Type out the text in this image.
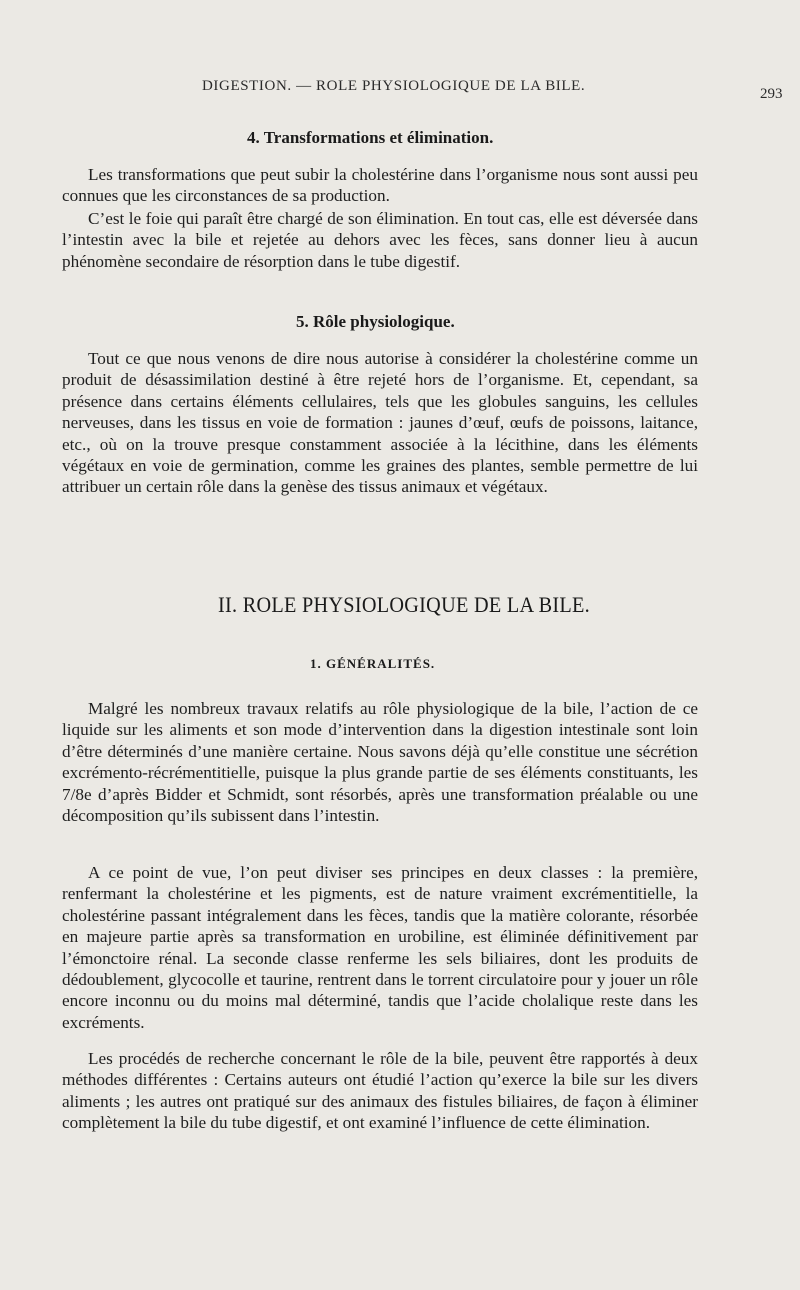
DIGESTION. — ROLE PHYSIOLOGIQUE DE LA BILE.	293
4. Transformations et élimination.
Les transformations que peut subir la cholestérine dans l’organisme nous sont aussi peu connues que les circonstances de sa production.
C’est le foie qui paraît être chargé de son élimination. En tout cas, elle est déversée dans l’intestin avec la bile et rejetée au dehors avec les fèces, sans donner lieu à aucun phénomène secondaire de résorption dans le tube digestif.
5. Rôle physiologique.
Tout ce que nous venons de dire nous autorise à considérer la cholestérine comme un produit de désassimilation destiné à être rejeté hors de l’organisme. Et, cependant, sa présence dans certains éléments cellulaires, tels que les globules sanguins, les cellules nerveuses, dans les tissus en voie de formation : jaunes d’œuf, œufs de poissons, laitance, etc., où on la trouve presque constamment associée à la lécithine, dans les éléments végétaux en voie de germination, comme les graines des plantes, semble permettre de lui attribuer un certain rôle dans la genèse des tissus animaux et végétaux.
II. ROLE PHYSIOLOGIQUE DE LA BILE.
1. GÉNÉRALITÉS.
Malgré les nombreux travaux relatifs au rôle physiologique de la bile, l’action de ce liquide sur les aliments et son mode d’intervention dans la digestion intestinale sont loin d’être déterminés d’une manière certaine. Nous savons déjà qu’elle constitue une sécrétion excrémento-récrémentitielle, puisque la plus grande partie de ses éléments constituants, les 7/8e d’après Bidder et Schmidt, sont résorbés, après une transformation préalable ou une décomposition qu’ils subissent dans l’intestin.
A ce point de vue, l’on peut diviser ses principes en deux classes : la première, renfermant la cholestérine et les pigments, est de nature vraiment excrémentitielle, la cholestérine passant intégralement dans les fèces, tandis que la matière colorante, résorbée en majeure partie après sa transformation en urobiline, est éliminée définitivement par l’émonctoire rénal. La seconde classe renferme les sels biliaires, dont les produits de dédoublement, glycocolle et taurine, rentrent dans le torrent circulatoire pour y jouer un rôle encore inconnu ou du moins mal déterminé, tandis que l’acide cholalique reste dans les excréments.
Les procédés de recherche concernant le rôle de la bile, peuvent être rapportés à deux méthodes différentes : Certains auteurs ont étudié l’action qu’exerce la bile sur les divers aliments ; les autres ont pratiqué sur des animaux des fistules biliaires, de façon à éliminer complètement la bile du tube digestif, et ont examiné l’influence de cette élimination.
